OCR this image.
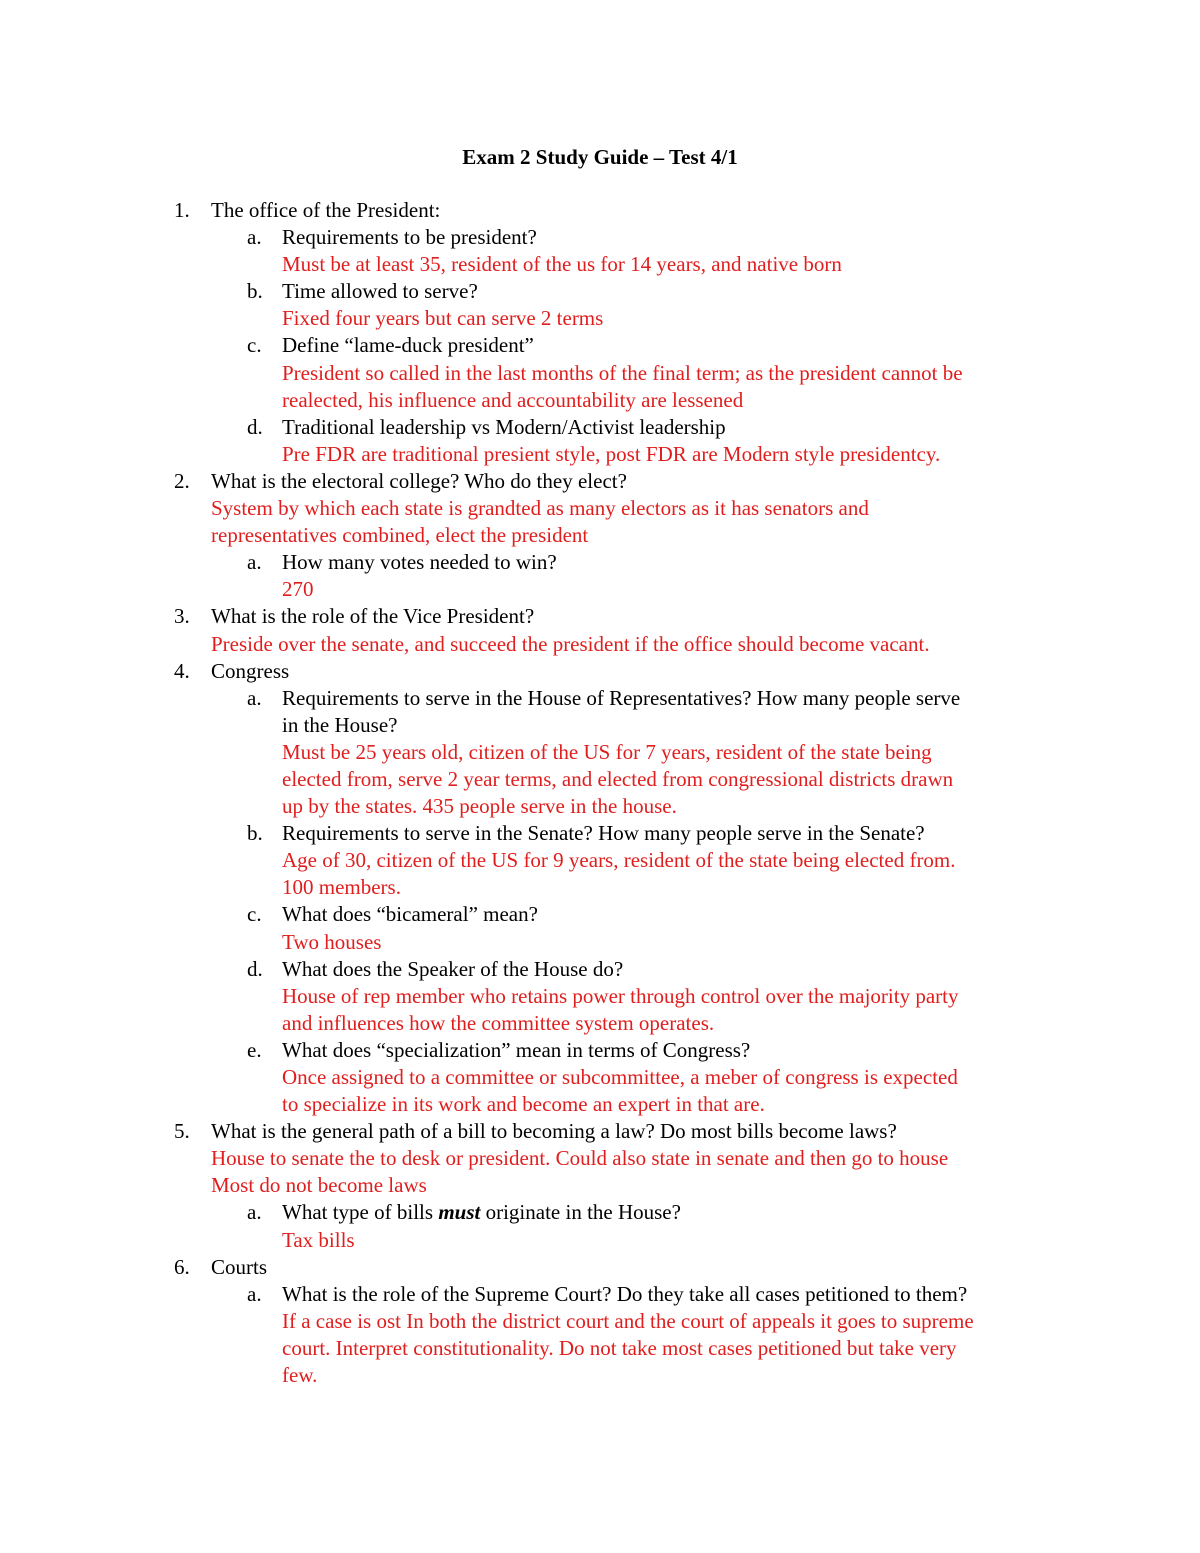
Exam 2 Study Guide – Test 4/1
1. The office of the President:
a. Requirements to be president?
Must be at least 35, resident of the us for 14 years, and native born
b. Time allowed to serve?
Fixed four years but can serve 2 terms
c. Define “lame-duck president”
President so called in the last months of the final term; as the president cannot be
realected, his influence and accountability are lessened
d. Traditional leadership vs Modern/Activist leadership
Pre FDR are traditional presient style, post FDR are Modern style presidentcy.
2. What is the electoral college? Who do they elect?
System by which each state is grandted as many electors as it has senators and
representatives combined, elect the president
a. How many votes needed to win?
270
3. What is the role of the Vice President?
Preside over the senate, and succeed the president if the office should become vacant.
4. Congress
a. Requirements to serve in the House of Representatives? How many people serve
in the House?
Must be 25 years old, citizen of the US for 7 years, resident of the state being
elected from, serve 2 year terms, and elected from congressional districts drawn
up by the states. 435 people serve in the house.
b. Requirements to serve in the Senate? How many people serve in the Senate?
Age of 30, citizen of the US for 9 years, resident of the state being elected from.
100 members.
c. What does “bicameral” mean?
Two houses
d. What does the Speaker of the House do?
House of rep member who retains power through control over the majority party
and influences how the committee system operates.
e. What does “specialization” mean in terms of Congress?
Once assigned to a committee or subcommittee, a meber of congress is expected
to specialize in its work and become an expert in that are.
5. What is the general path of a bill to becoming a law? Do most bills become laws?
House to senate the to desk or president. Could also state in senate and then go to house
Most do not become laws
a. What type of bills must originate in the House?
Tax bills
6. Courts
a. What is the role of the Supreme Court? Do they take all cases petitioned to them?
If a case is ost In both the district court and the court of appeals it goes to supreme
court. Interpret constitutionality. Do not take most cases petitioned but take very
few.
